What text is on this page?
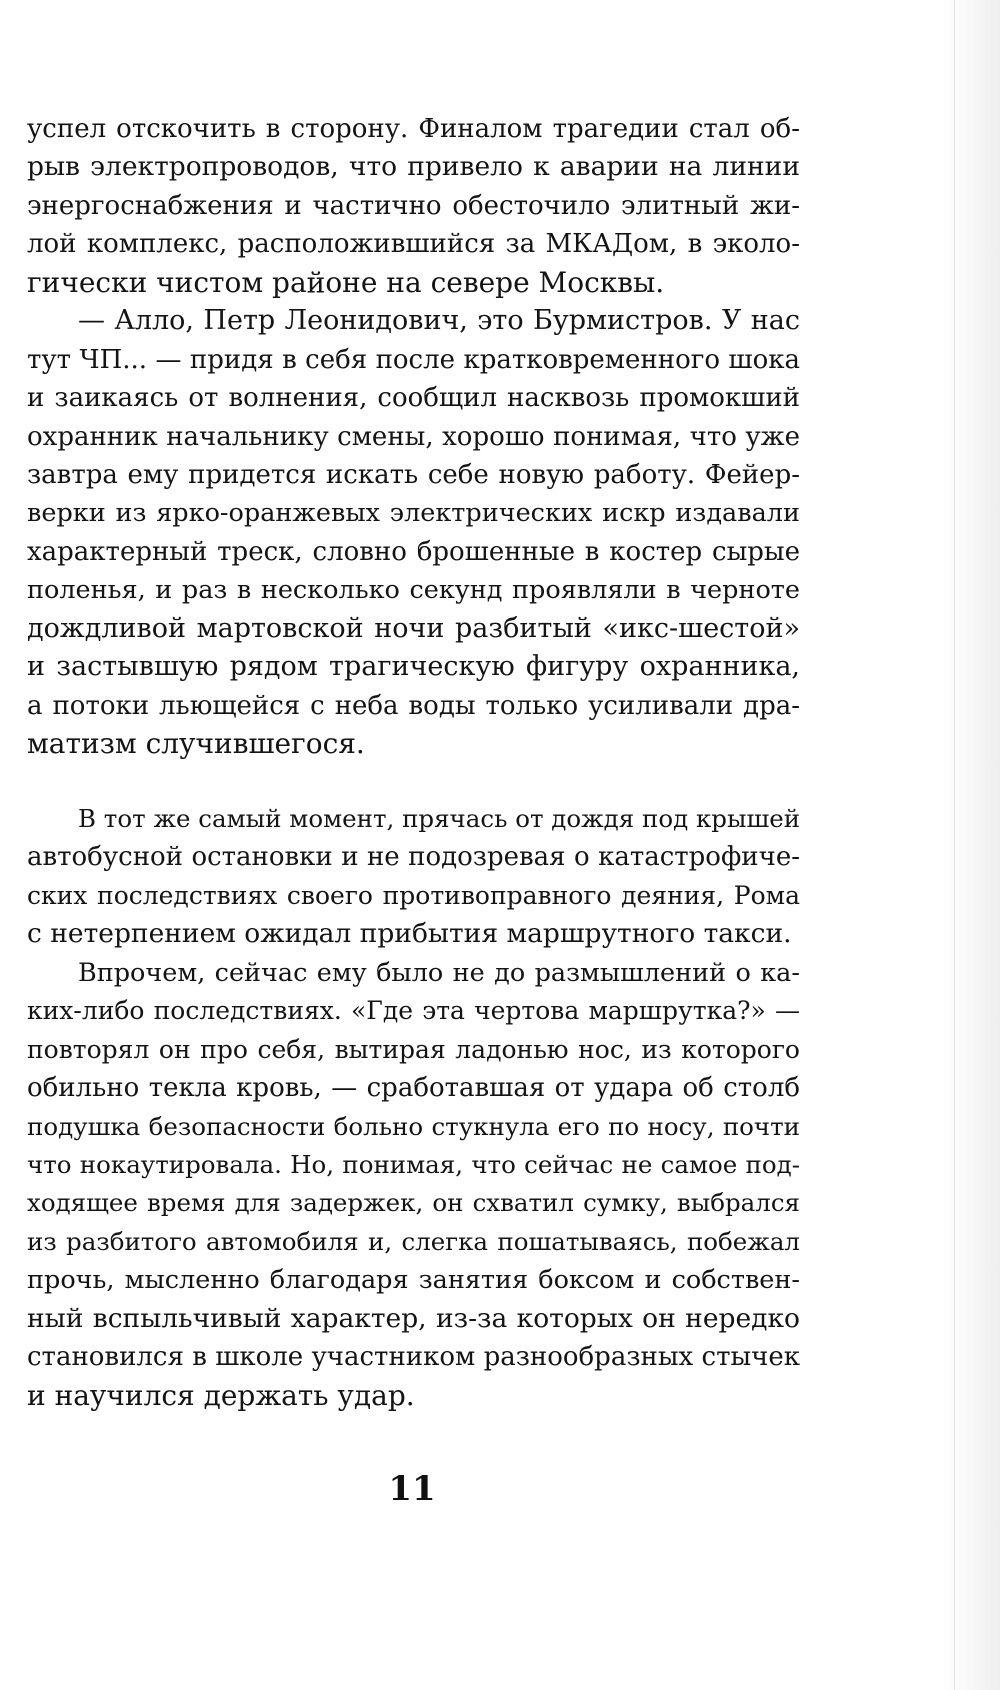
успел отскочить в сторону. Финалом трагедии стал об-
рыв электропроводов, что привело к аварии на линии
энергоснабжения и частично обесточило элитный жи-
лой комплекс, расположившийся за МКАДом, в эколо-
гически чистом районе на севере Москвы.
— Алло, Петр Леонидович, это Бурмистров. У нас
тут ЧП... — придя в себя после кратковременного шока
и заикаясь от волнения, сообщил насквозь промокший
охранник начальнику смены, хорошо понимая, что уже
завтра ему придется искать себе новую работу. Фейер-
верки из ярко-оранжевых электрических искр издавали
характерный треск, словно брошенные в костер сырые
поленья, и раз в несколько секунд проявляли в черноте
дождливой мартовской ночи разбитый «икс-шестой»
и застывшую рядом трагическую фигуру охранника,
а потоки льющейся с неба воды только усиливали дра-
матизм случившегося.
В тот же самый момент, прячась от дождя под крышей
автобусной остановки и не подозревая о катастрофиче-
ских последствиях своего противоправного деяния, Рома
с нетерпением ожидал прибытия маршрутного такси.
Впрочем, сейчас ему было не до размышлений о ка-
ких-либо последствиях. «Где эта чертова маршрутка?» —
повторял он про себя, вытирая ладонью нос, из которого
обильно текла кровь, — сработавшая от удара об столб
подушка безопасности больно стукнула его по носу, почти
что нокаутировала. Но, понимая, что сейчас не самое под-
ходящее время для задержек, он схватил сумку, выбрался
из разбитого автомобиля и, слегка пошатываясь, побежал
прочь, мысленно благодаря занятия боксом и собствен-
ный вспыльчивый характер, из-за которых он нередко
становился в школе участником разнообразных стычек
и научился держать удар.
11
